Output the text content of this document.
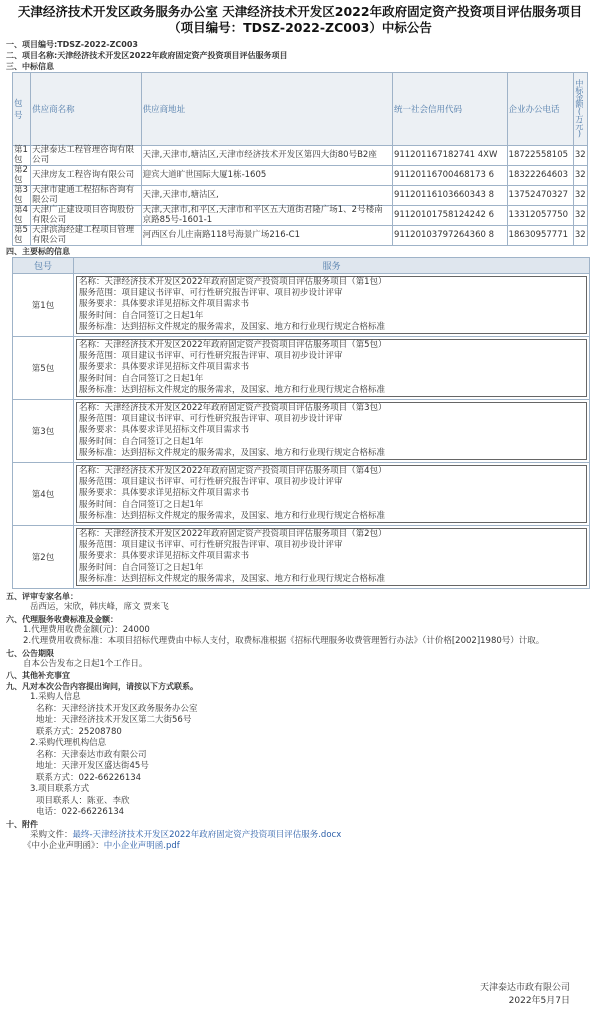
天津经济技术开发区政务服务办公室 天津经济技术开发区2022年政府固定资产投资项目评估服务项目（项目编号：TDSZ-2022-ZC003）中标公告
一、项目编号:TDSZ-2022-ZC003
二、项目名称:天津经济技术开发区2022年政府固定资产投资项目评估服务项目
三、中标信息
包号	供应商名称	供应商地址	统一社会信用代码	企业办公电话	中标金额(万元)
第1包	天津泰达工程管理咨询有限公司	天津,天津市,塘沽区,天津市经济技术开发区第四大街80号B2座	911201167182741 4XW	18722558105	32
第2包	天津房友工程咨询有限公司	迎宾大道旷世国际大厦1栋-1605	91120116700468173 6	18322264603	32
第3包	天津市建通工程招标咨询有限公司	天津,天津市,塘沽区,	91120116103660343 8	13752470327	32
第4包	天津广正建设项目咨询股份有限公司	天津,天津市,和平区,天津市和平区五大道街君隆广场1、2号楼南京路85号-1601-1	91120101758124242 6	13312057750	32
第5包	天津滨海经建工程项目管理有限公司	河西区台儿庄南路118号海景广场216-C1	91120103797264360 8	18630957771	32
四、主要标的信息
包号	服务
第1包	名称：天津经济技术开发区2022年政府固定资产投资项目评估服务项目（第1包）
服务范围：项目建议书评审、可行性研究报告评审、项目初步设计评审
服务要求：具体要求详见招标文件项目需求书
服务时间：自合同签订之日起1年
服务标准：达到招标文件规定的服务需求，及国家、地方和行业现行规定合格标准

第5包	名称：天津经济技术开发区2022年政府固定资产投资项目评估服务项目（第5包）
服务范围：项目建议书评审、可行性研究报告评审、项目初步设计评审
服务要求：具体要求详见招标文件项目需求书
服务时间：自合同签订之日起1年
服务标准：达到招标文件规定的服务需求，及国家、地方和行业现行规定合格标准

第3包	名称：天津经济技术开发区2022年政府固定资产投资项目评估服务项目（第3包）
服务范围：项目建议书评审、可行性研究报告评审、项目初步设计评审
服务要求：具体要求详见招标文件项目需求书
服务时间：自合同签订之日起1年
服务标准：达到招标文件规定的服务需求，及国家、地方和行业现行规定合格标准

第4包	名称：天津经济技术开发区2022年政府固定资产投资项目评估服务项目（第4包）
服务范围：项目建议书评审、可行性研究报告评审、项目初步设计评审
服务要求：具体要求详见招标文件项目需求书
服务时间：自合同签订之日起1年
服务标准：达到招标文件规定的服务需求，及国家、地方和行业现行规定合格标准

第2包	名称：天津经济技术开发区2022年政府固定资产投资项目评估服务项目（第2包）
服务范围：项目建议书评审、可行性研究报告评审、项目初步设计评审
服务要求：具体要求详见招标文件项目需求书
服务时间：自合同签订之日起1年
服务标准：达到招标文件规定的服务需求，及国家、地方和行业现行规定合格标准
五、评审专家名单：
岳西运，宋欣，韩庆峰，席文 贾来飞
六、代理服务收费标准及金额：
1.代理费用收费金额(元)：24000
2.代理费用收费标准：本项目招标代理费由中标人支付，取费标准根据《招标代理服务收费管理暂行办法》（计价格[2002]1980号）计取。
七、公告期限
自本公告发布之日起1个工作日。
八、其他补充事宜
九、凡对本次公告内容提出询问，请按以下方式联系。
1.采购人信息
名称：天津经济技术开发区政务服务办公室
地址：天津经济技术开发区第二大街56号
联系方式：25208780
2.采购代理机构信息
名称：天津泰达市政有限公司
地址：天津开发区盛达街45号
联系方式：022-66226134
3.项目联系方式
项目联系人：陈亚、李欣
电话：022-66226134
十、附件
采购文件：最终-天津经济技术开发区2022年政府固定资产投资项目评估服务.docx
《中小企业声明函》：中小企业声明函.pdf
天津泰达市政有限公司
2022年5月7日
